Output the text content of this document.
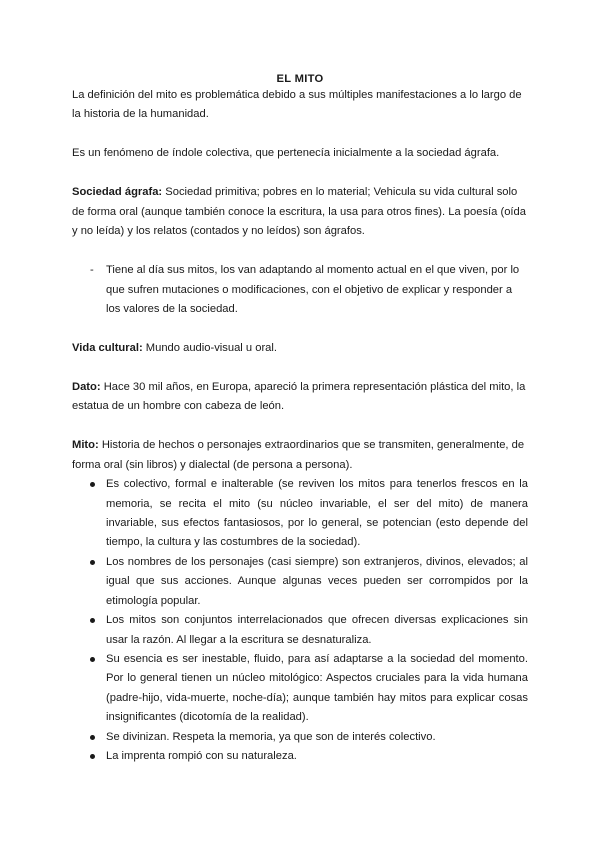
EL MITO

La definición del mito es problemática debido a sus múltiples manifestaciones a lo largo de la historia de la humanidad.

Es un fenómeno de índole colectiva, que pertenecía inicialmente a la sociedad ágrafa.

Sociedad ágrafa: Sociedad primitiva; pobres en lo material; Vehicula su vida cultural solo de forma oral (aunque también conoce la escritura, la usa para otros fines). La poesía (oída y no leída) y los relatos (contados y no leídos) son ágrafos.

- Tiene al día sus mitos, los van adaptando al momento actual en el que viven, por lo que sufren mutaciones o modificaciones, con el objetivo de explicar y responder a los valores de la sociedad.

Vida cultural: Mundo audio-visual u oral.

Dato: Hace 30 mil años, en Europa, apareció la primera representación plástica del mito, la estatua de un hombre con cabeza de león.

Mito: Historia de hechos o personajes extraordinarios que se transmiten, generalmente, de forma oral (sin libros) y dialectal (de persona a persona).

Es colectivo, formal e inalterable (se reviven los mitos para tenerlos frescos en la memoria, se recita el mito (su núcleo invariable, el ser del mito) de manera invariable, sus efectos fantasiosos, por lo general, se potencian (esto depende del tiempo, la cultura y las costumbres de la sociedad).
Los nombres de los personajes (casi siempre) son extranjeros, divinos, elevados; al igual que sus acciones. Aunque algunas veces pueden ser corrompidos por la etimología popular.
Los mitos son conjuntos interrelacionados que ofrecen diversas explicaciones sin usar la razón. Al llegar a la escritura se desnaturaliza.
Su esencia es ser inestable, fluido, para así adaptarse a la sociedad del momento. Por lo general tienen un núcleo mitológico: Aspectos cruciales para la vida humana (padre-hijo, vida-muerte, noche-día); aunque también hay mitos para explicar cosas insignificantes (dicotomía de la realidad).
Se divinizan. Respeta la memoria, ya que son de interés colectivo.
La imprenta rompió con su naturaleza.
